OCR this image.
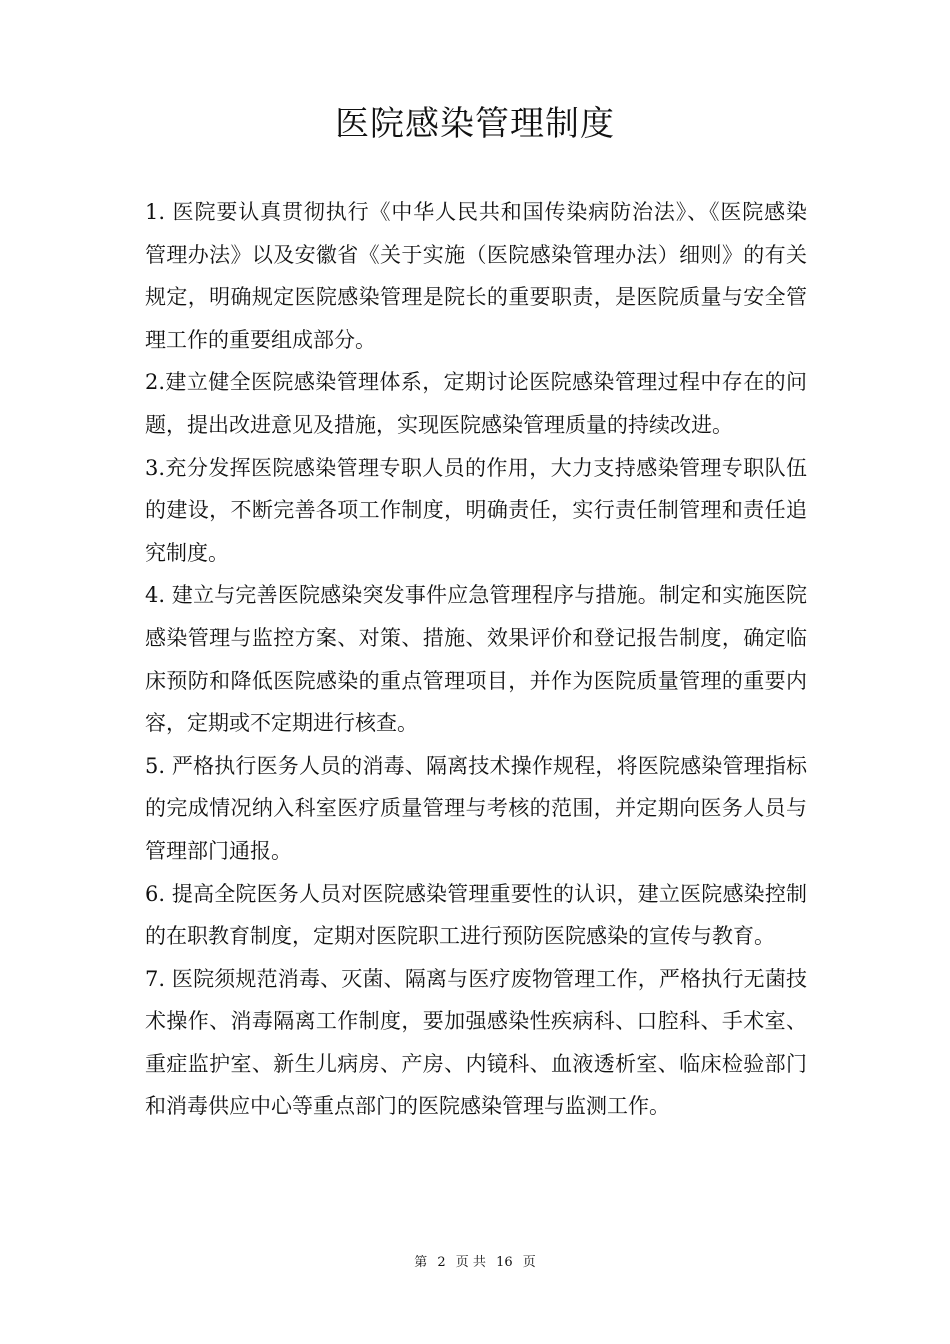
医院感染管理制度

1. 医院要认真贯彻执行《中华人民共和国传染病防治法》、《医院感染 管理办法》以及安徽省《关于实施（医院感染管理办法）细则》的有关规定，明确规定医院感染管理是院长的重要职责，是医院质量与安全管理工作的重要组成部分。

2.建立健全医院感染管理体系，定期讨论医院感染管理过程中存在的问题，提出改进意见及措施，实现医院感染管理质量的持续改进。

3.充分发挥医院感染管理专职人员的作用，大力支持感染管理专职队伍的建设，不断完善各项工作制度，明确责任，实行责任制管理和责任追究制度。

4. 建立与完善医院感染突发事件应急管理程序与措施。制定和实施医院感染管理与监控方案、对策、措施、效果评价和登记报告制度，确定临床预防和降低医院感染的重点管理项目，并作为医院质量管理的重要内容，定期或不定期进行核查。

5. 严格执行医务人员的消毒、隔离技术操作规程，将医院感染管理指标的完成情况纳入科室医疗质量管理与考核的范围，并定期向医务人员与管理部门通报。

6. 提高全院医务人员对医院感染管理重要性的认识，建立医院感染控制的在职教育制度，定期对医院职工进行预防医院感染的宣传与教育。

7. 医院须规范消毒、灭菌、隔离与医疗废物管理工作，严格执行无菌技术操作、消毒隔离工作制度，要加强感染性疾病科、口腔科、手术室、重症监护室、新生儿病房、产房、内镜科、血液透析室、临床检验部门和消毒供应中心等重点部门的医院感染管理与监测工作。

第 2 页 共 16 页
